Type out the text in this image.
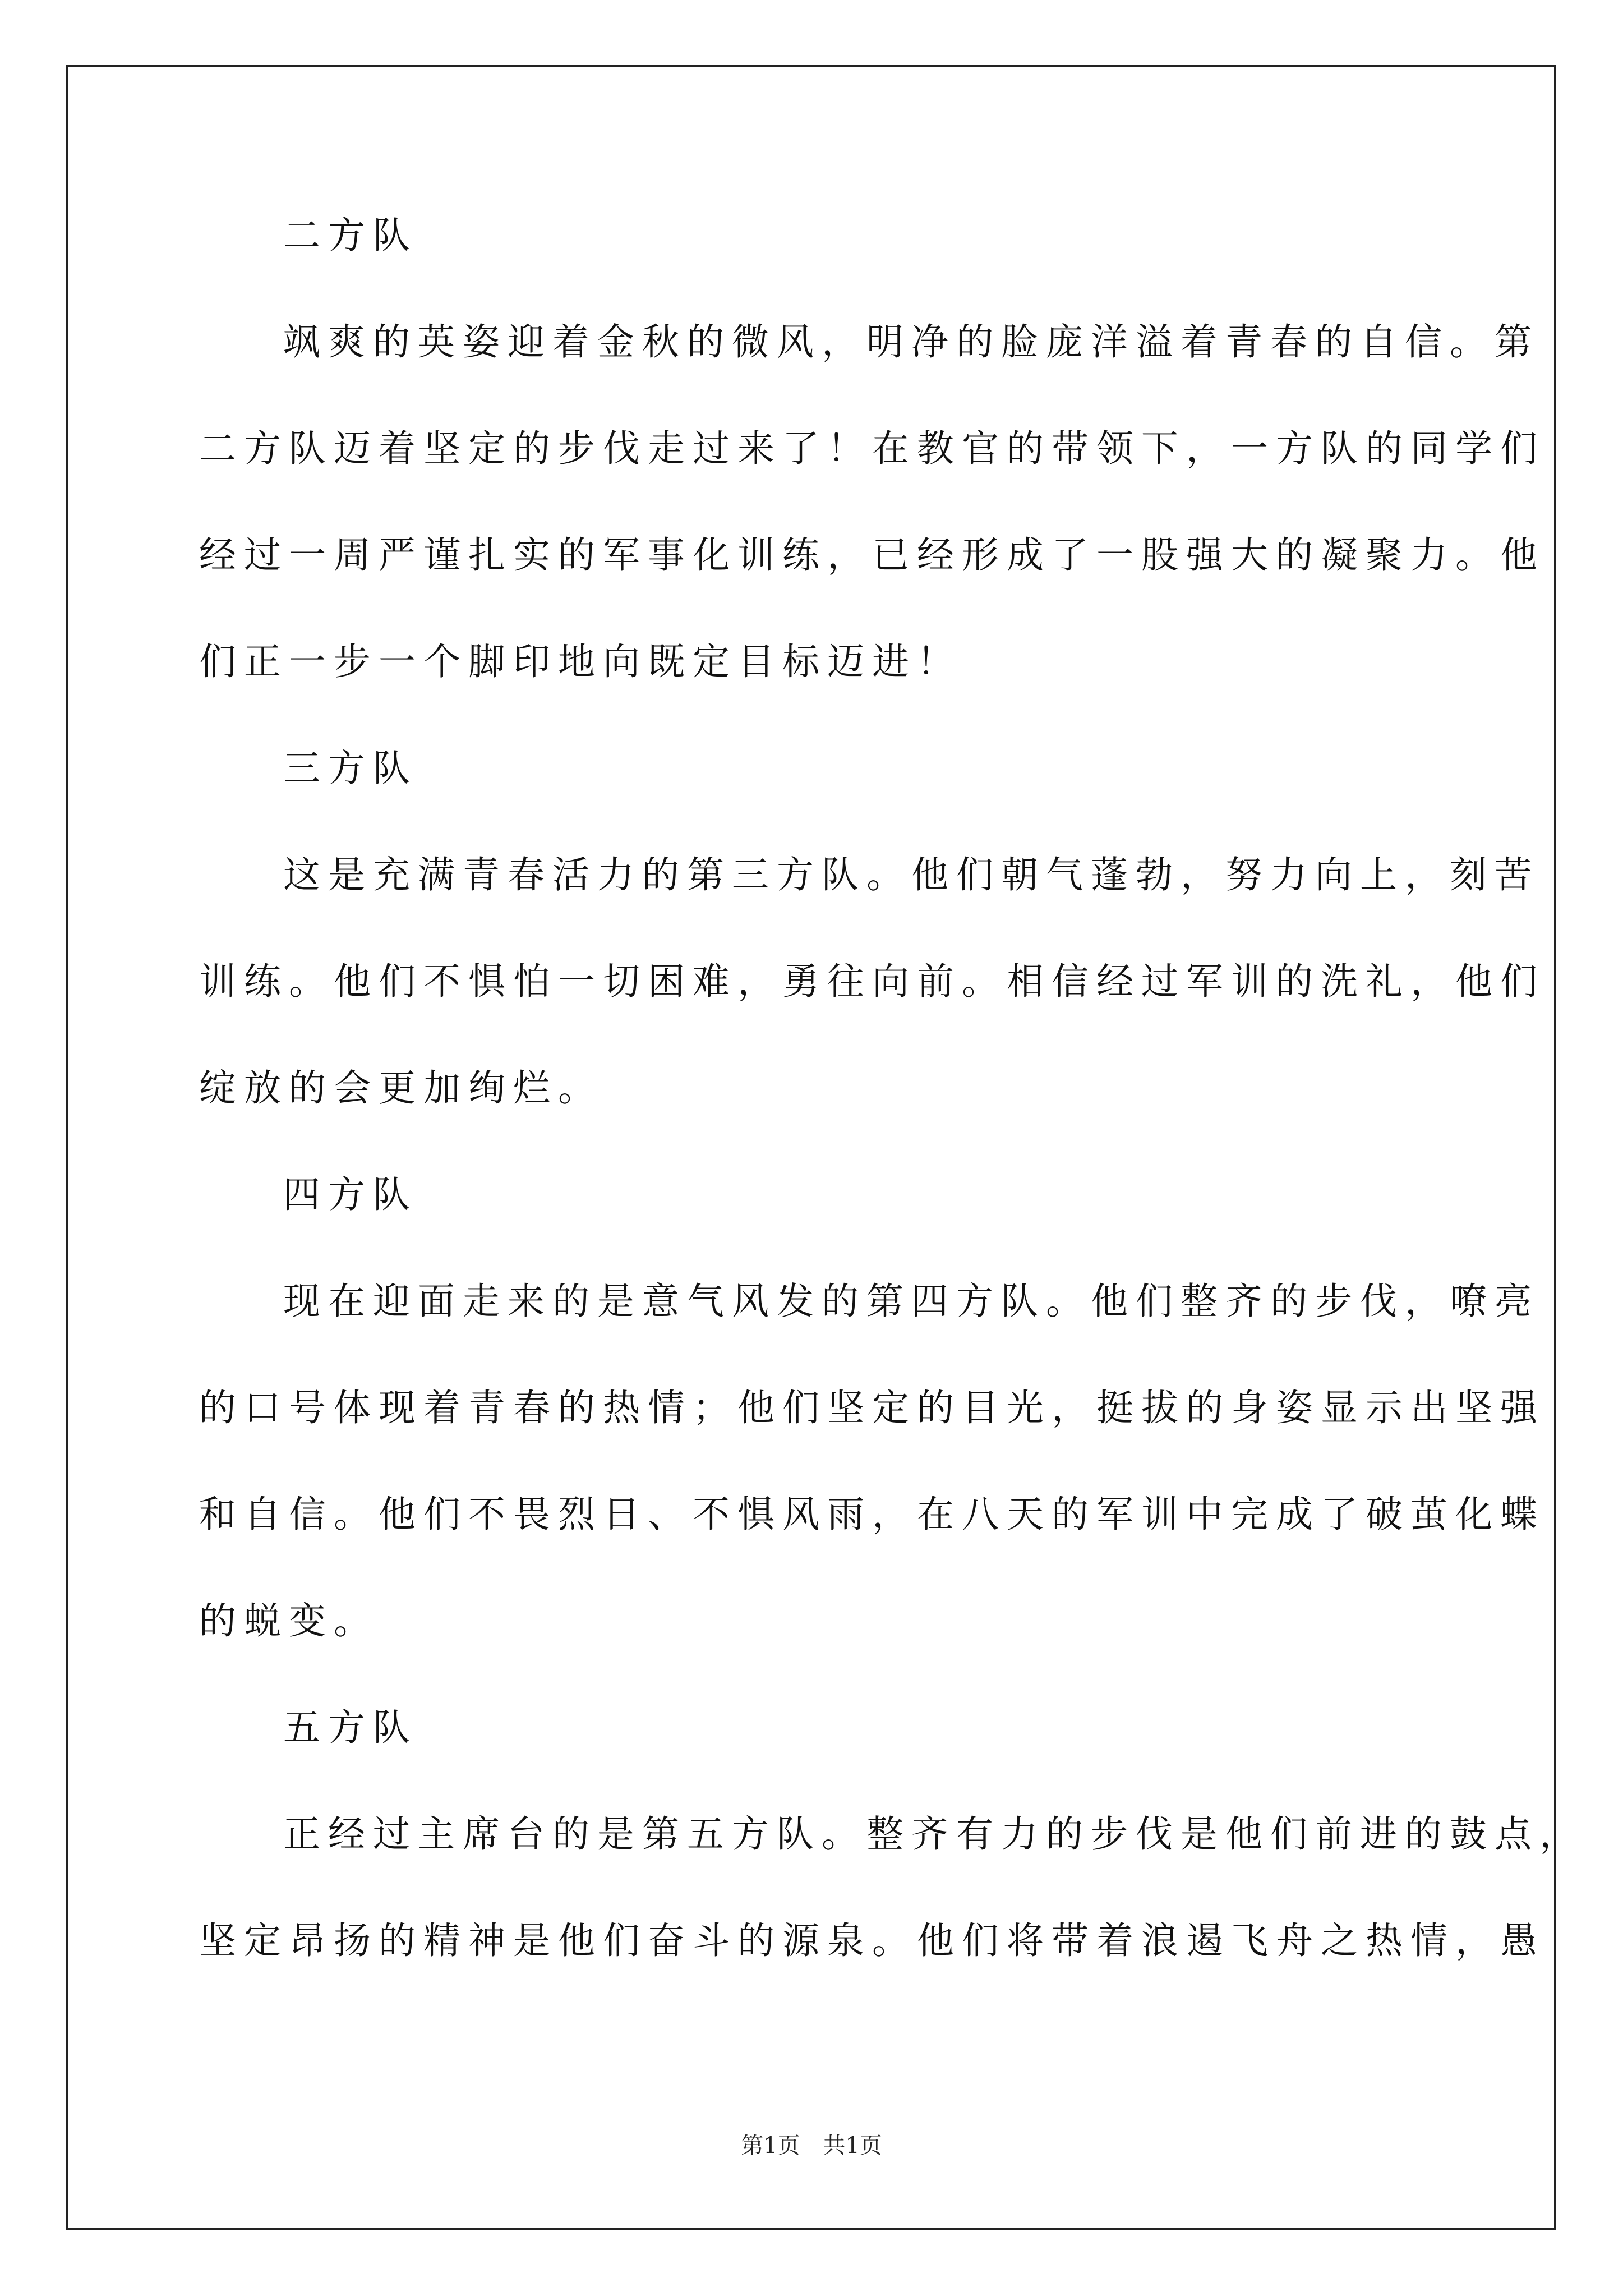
二方队
飒爽的英姿迎着金秋的微风，明净的脸庞洋溢着青春的自信。第
二方队迈着坚定的步伐走过来了！在教官的带领下，一方队的同学们
经过一周严谨扎实的军事化训练，已经形成了一股强大的凝聚力。他
们正一步一个脚印地向既定目标迈进！
三方队
这是充满青春活力的第三方队。他们朝气蓬勃，努力向上，刻苦
训练。他们不惧怕一切困难，勇往向前。相信经过军训的洗礼，他们
绽放的会更加绚烂。
四方队
现在迎面走来的是意气风发的第四方队。他们整齐的步伐，嘹亮
的口号体现着青春的热情；他们坚定的目光，挺拔的身姿显示出坚强
和自信。他们不畏烈日、不惧风雨，在八天的军训中完成了破茧化蝶
的蜕变。
五方队
正经过主席台的是第五方队。整齐有力的步伐是他们前进的鼓点，
坚定昂扬的精神是他们奋斗的源泉。他们将带着浪遏飞舟之热情，愚
第1页 共1页
